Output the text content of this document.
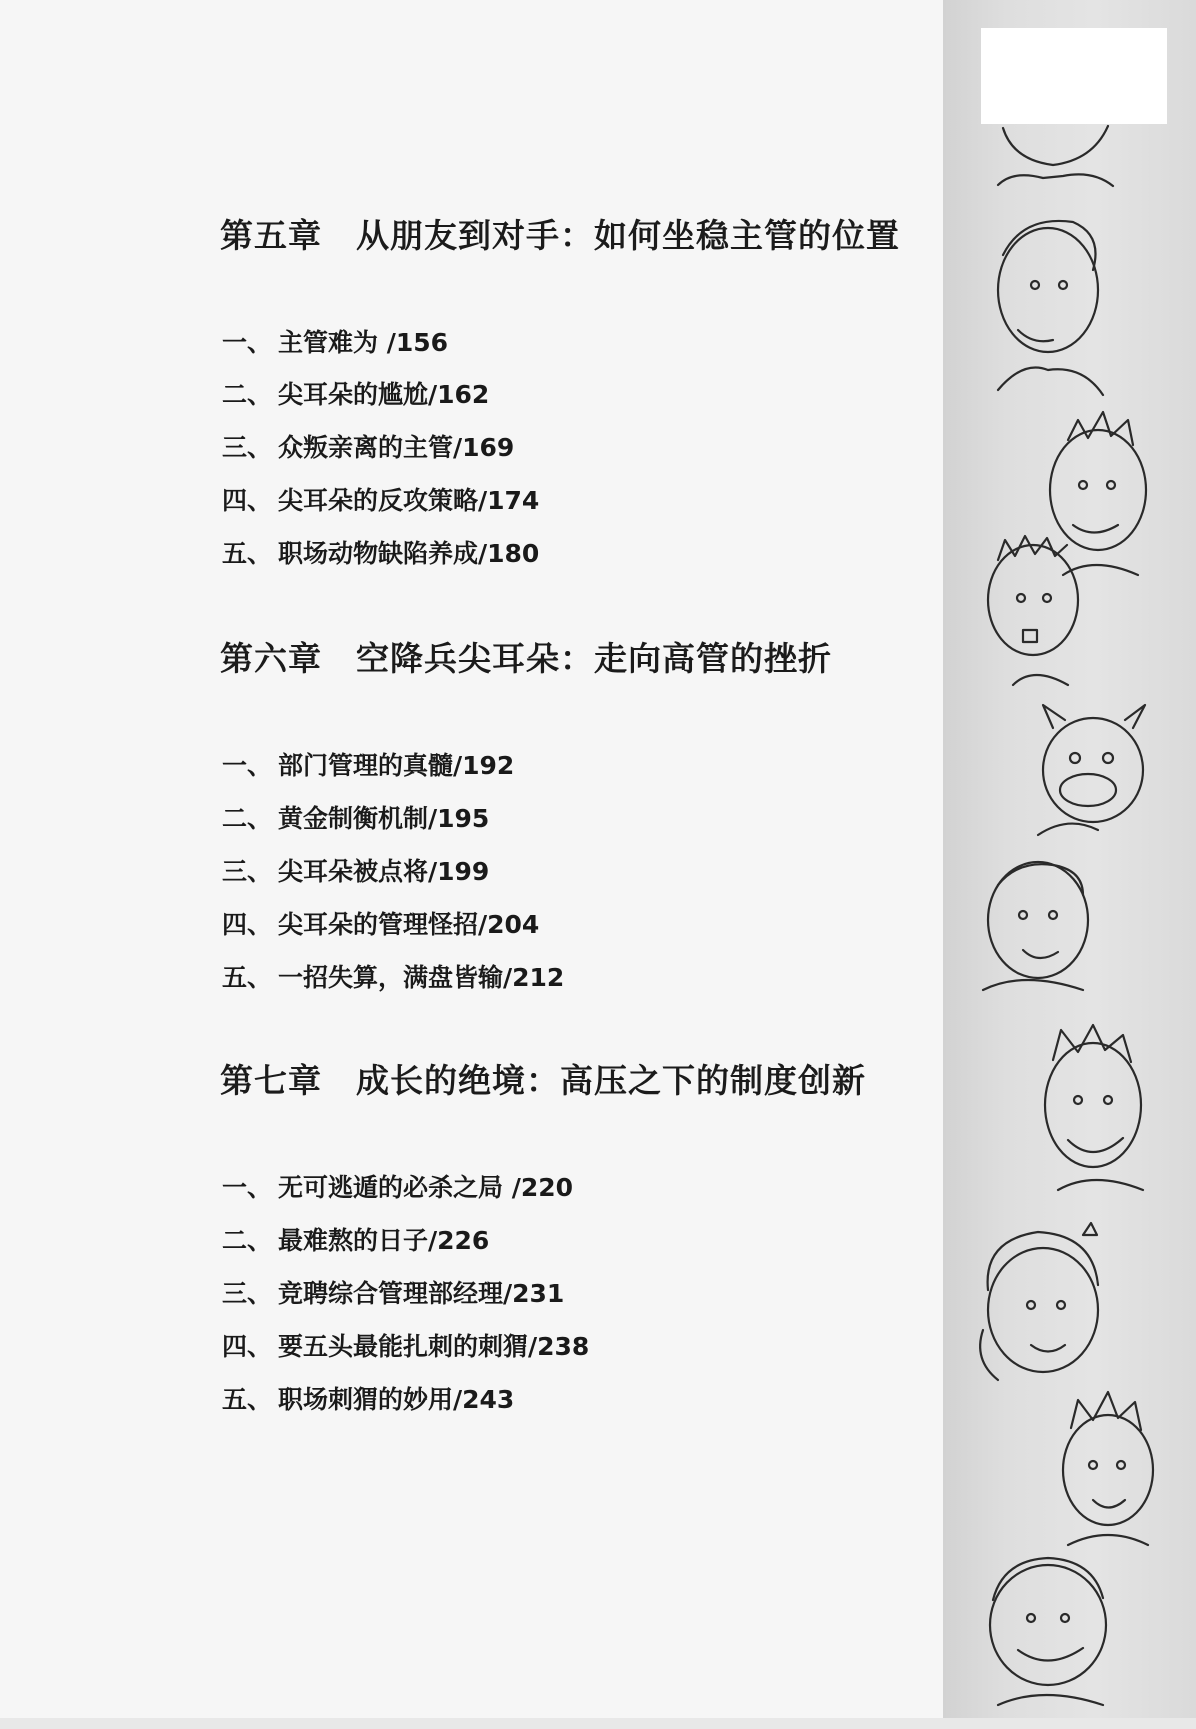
第五章 从朋友到对手：如何坐稳主管的位置
一、 主管难为 /156
二、 尖耳朵的尴尬/162
三、 众叛亲离的主管/169
四、 尖耳朵的反攻策略/174
五、 职场动物缺陷养成/180
第六章 空降兵尖耳朵：走向高管的挫折
一、 部门管理的真髓/192
二、 黄金制衡机制/195
三、 尖耳朵被点将/199
四、 尖耳朵的管理怪招/204
五、 一招失算，满盘皆输/212
第七章 成长的绝境：高压之下的制度创新
一、 无可逃遁的必杀之局 /220
二、 最难熬的日子/226
三、 竞聘综合管理部经理/231
四、 要五头最能扎刺的刺猬/238
五、 职场刺猬的妙用/243
